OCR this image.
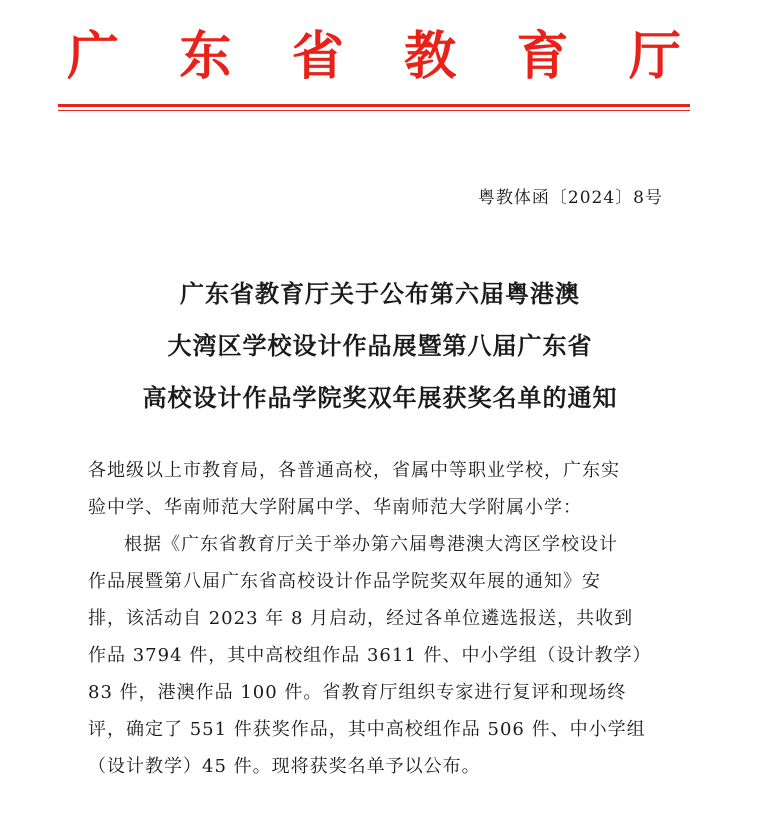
广 东 省 教 育 厅
粤教体函〔2024〕8号
广东省教育厅关于公布第六届粤港澳
大湾区学校设计作品展暨第八届广东省
高校设计作品学院奖双年展获奖名单的通知
各地级以上市教育局，各普通高校，省属中等职业学校，广东实
验中学、华南师范大学附属中学、华南师范大学附属小学：
根据《广东省教育厅关于举办第六届粤港澳大湾区学校设计
作品展暨第八届广东省高校设计作品学院奖双年展的通知》安
排，该活动自 2023 年 8 月启动，经过各单位遴选报送，共收到
作品 3794 件，其中高校组作品 3611 件、中小学组（设计教学）
83 件，港澳作品 100 件。省教育厅组织专家进行复评和现场终
评，确定了 551 件获奖作品，其中高校组作品 506 件、中小学组
（设计教学）45 件。现将获奖名单予以公布。
